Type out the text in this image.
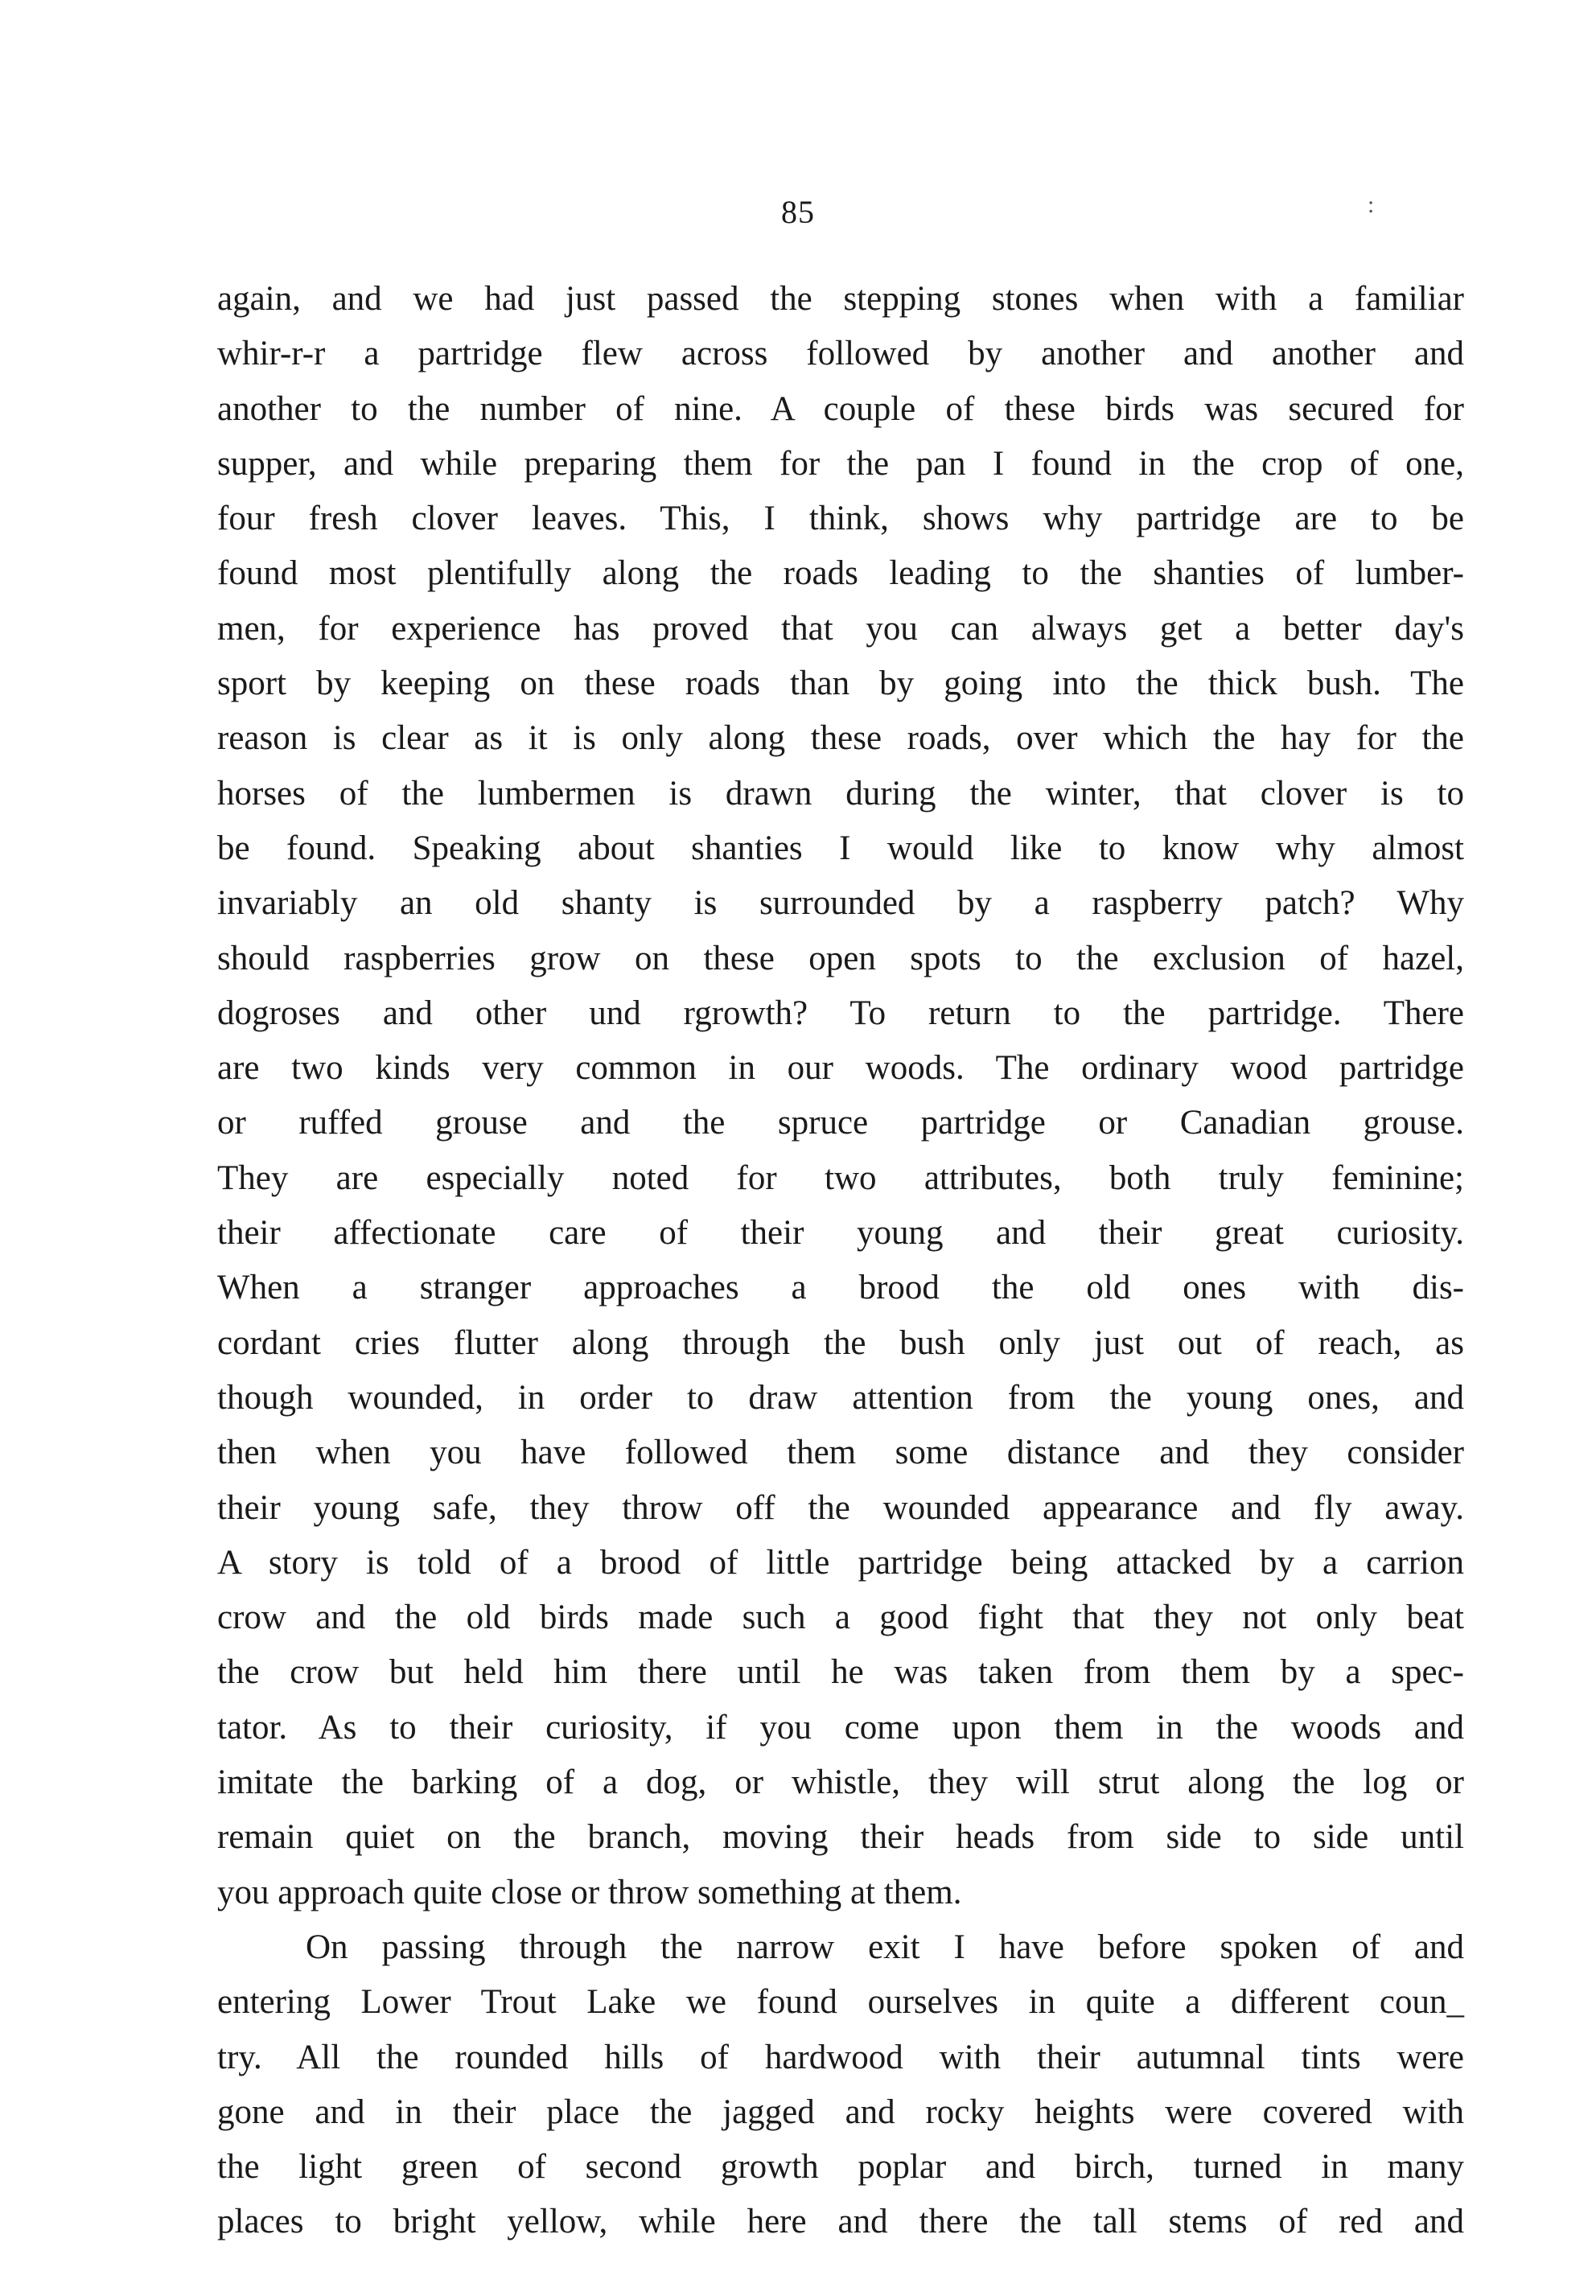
85	:
again, and we had just passed the stepping stones when with a familiar
whir-r-r a partridge flew across followed by another and another and
another to the number of nine. A couple of these birds was secured for
supper, and while preparing them for the pan I found in the crop of one,
four fresh clover leaves. This, I think, shows why partridge are to be
found most plentifully along the roads leading to the shanties of lumber-
men, for experience has proved that you can always get a better day's
sport by keeping on these roads than by going into the thick bush. The
reason is clear as it is only along these roads, over which the hay for the
horses of the lumbermen is drawn during the winter, that clover is to
be found. Speaking about shanties I would like to know why almost
invariably an old shanty is surrounded by a raspberry patch? Why
should raspberries grow on these open spots to the exclusion of hazel,
dogroses and other und rgrowth? To return to the partridge. There
are two kinds very common in our woods. The ordinary wood partridge
or ruffed grouse and the spruce partridge or Canadian grouse.
They are especially noted for two attributes, both truly feminine;
their affectionate care of their young and their great curiosity.
When a stranger approaches a brood the old ones with dis-
cordant cries flutter along through the bush only just out of reach, as
though wounded, in order to draw attention from the young ones, and
then when you have followed them some distance and they consider
their young safe, they throw off the wounded appearance and fly away.
A story is told of a brood of little partridge being attacked by a carrion
crow and the old birds made such a good fight that they not only beat
the crow but held him there until he was taken from them by a spec-
tator. As to their curiosity, if you come upon them in the woods and
imitate the barking of a dog, or whistle, they will strut along the log or
remain quiet on the branch, moving their heads from side to side until
you approach quite close or throw something at them.
On passing through the narrow exit I have before spoken of and
entering Lower Trout Lake we found ourselves in quite a different coun_
try. All the rounded hills of hardwood with their autumnal tints were
gone and in their place the jagged and rocky heights were covered with
the light green of second growth poplar and birch, turned in many
places to bright yellow, while here and there the tall stems of red and
